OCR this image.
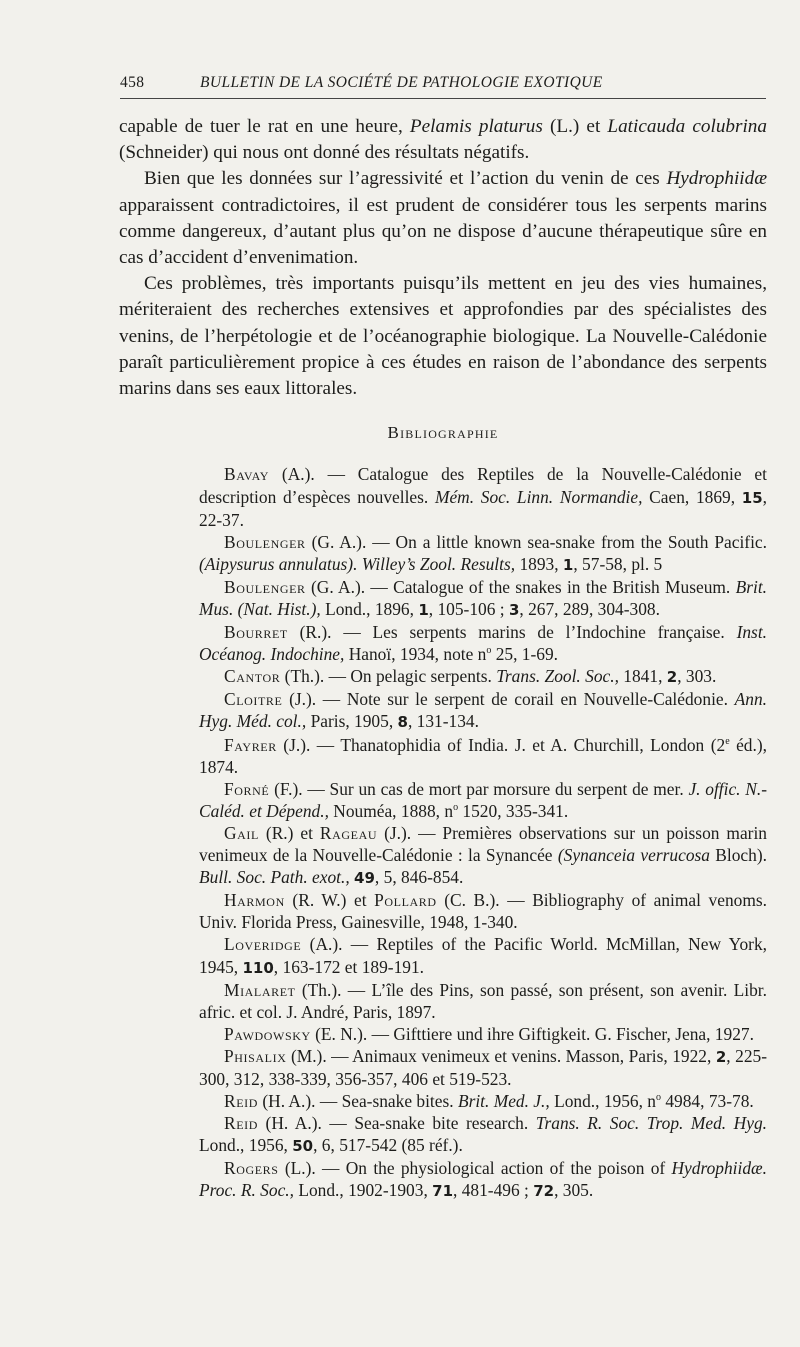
458	BULLETIN DE LA SOCIÉTÉ DE PATHOLOGIE EXOTIQUE

capable de tuer le rat en une heure, Pelamis platurus (L.) et Laticauda colubrina (Schneider) qui nous ont donné des résultats négatifs.

Bien que les données sur l’agressivité et l’action du venin de ces Hydrophiidæ apparaissent contradictoires, il est prudent de considérer tous les serpents marins comme dangereux, d’autant plus qu’on ne dispose d’aucune thérapeutique sûre en cas d’accident d’envenimation.

Ces problèmes, très importants puisqu’ils mettent en jeu des vies humaines, mériteraient des recherches extensives et approfondies par des spécialistes des venins, de l’herpétologie et de l’océanographie biologique. La Nouvelle-Calédonie paraît particulièrement propice à ces études en raison de l’abondance des serpents marins dans ses eaux littorales.

Bibliographie

Bavay (A.). — Catalogue des Reptiles de la Nouvelle-Calédonie et description d’espèces nouvelles. Mém. Soc. Linn. Normandie, Caen, 1869, 15, 22-37.

Boulenger (G. A.). — On a little known sea-snake from the South Pacific. (Aipysurus annulatus). Willey’s Zool. Results, 1893, 1, 57-58, pl. 5

Boulenger (G. A.). — Catalogue of the snakes in the British Museum. Brit. Mus. (Nat. Hist.), Lond., 1896, 1, 105-106 ; 3, 267, 289, 304-308.

Bourret (R.). — Les serpents marins de l’Indochine française. Inst. Océanog. Indochine, Hanoï, 1934, note $n^o$ 25, 1-69.

Cantor (Th.). — On pelagic serpents. Trans. Zool. Soc., 1841, 2, 303.

Cloitre (J.). — Note sur le serpent de corail en Nouvelle-Calédonie. Ann. Hyg. Méd. col., Paris, 1905, 8, 131-134.

Fayrer (J.). — Thanatophidia of India. J. et A. Churchill, London (2e éd.), 1874.

Forné (F.). — Sur un cas de mort par morsure du serpent de mer. J. offic. N.-Caléd. et Dépend., Nouméa, 1888, $n^o$ 1520, 335-341.

Gail (R.) et Rageau (J.). — Premières observations sur un poisson marin venimeux de la Nouvelle-Calédonie : la Synancée (Synanceia verrucosa Bloch). Bull. Soc. Path. exot., 49, 5, 846-854.

Harmon (R. W.) et Pollard (C. B.). — Bibliography of animal venoms. Univ. Florida Press, Gainesville, 1948, 1-340.

Loveridge (A.). — Reptiles of the Pacific World. McMillan, New York, 1945, 110, 163-172 et 189-191.

Mialaret (Th.). — L’île des Pins, son passé, son présent, son avenir. Libr. afric. et col. J. André, Paris, 1897.

Pawdowsky (E. N.). — Gifttiere und ihre Giftigkeit. G. Fischer, Jena, 1927.

Phisalix (M.). — Animaux venimeux et venins. Masson, Paris, 1922, 2, 225-300, 312, 338-339, 356-357, 406 et 519-523.

Reid (H. A.). — Sea-snake bites. Brit. Med. J., Lond., 1956, $n^o$ 4984, 73-78.

Reid (H. A.). — Sea-snake bite research. Trans. R. Soc. Trop. Med. Hyg. Lond., 1956, 50, 6, 517-542 (85 réf.).

Rogers (L.). — On the physiological action of the poison of Hydrophiidæ. Proc. R. Soc., Lond., 1902-1903, 71, 481-496 ; 72, 305.
